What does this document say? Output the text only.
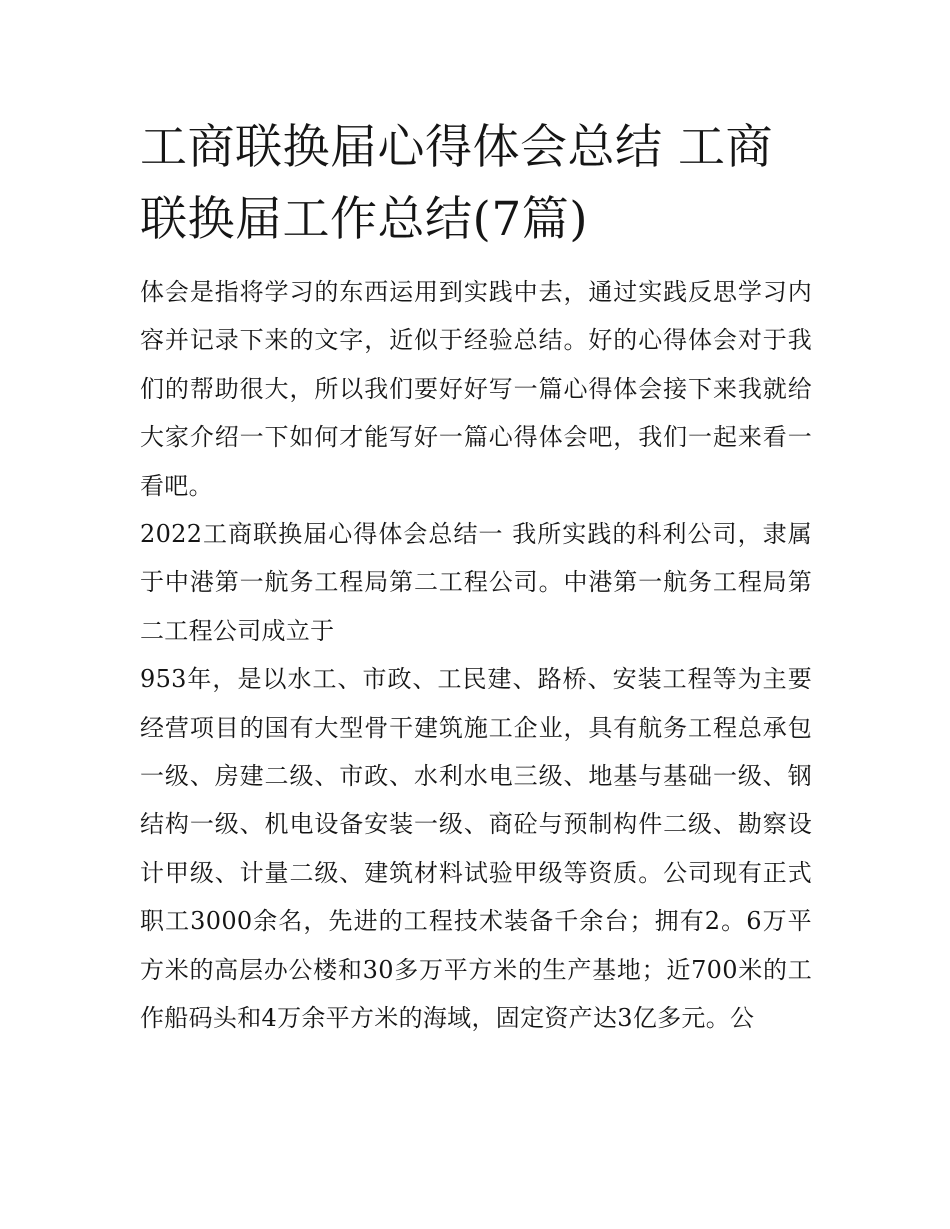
工商联换届心得体会总结 工商联换届工作总结(7篇)

体会是指将学习的东西运用到实践中去，通过实践反思学习内容并记录下来的文字，近似于经验总结。好的心得体会对于我们的帮助很大，所以我们要好好写一篇心得体会接下来我就给大家介绍一下如何才能写好一篇心得体会吧，我们一起来看一看吧。

2022工商联换届心得体会总结一 我所实践的科利公司，隶属于中港第一航务工程局第二工程公司。中港第一航务工程局第二工程公司成立于

953年，是以水工、市政、工民建、路桥、安装工程等为主要经营项目的国有大型骨干建筑施工企业，具有航务工程总承包一级、房建二级、市政、水利水电三级、地基与基础一级、钢结构一级、机电设备安装一级、商砼与预制构件二级、勘察设计甲级、计量二级、建筑材料试验甲级等资质。公司现有正式职工3000余名，先进的工程技术装备千余台；拥有2。6万平方米的高层办公楼和30多万平方米的生产基地；近700米的工作船码头和4万余平方米的海域，固定资产达3亿多元。公
